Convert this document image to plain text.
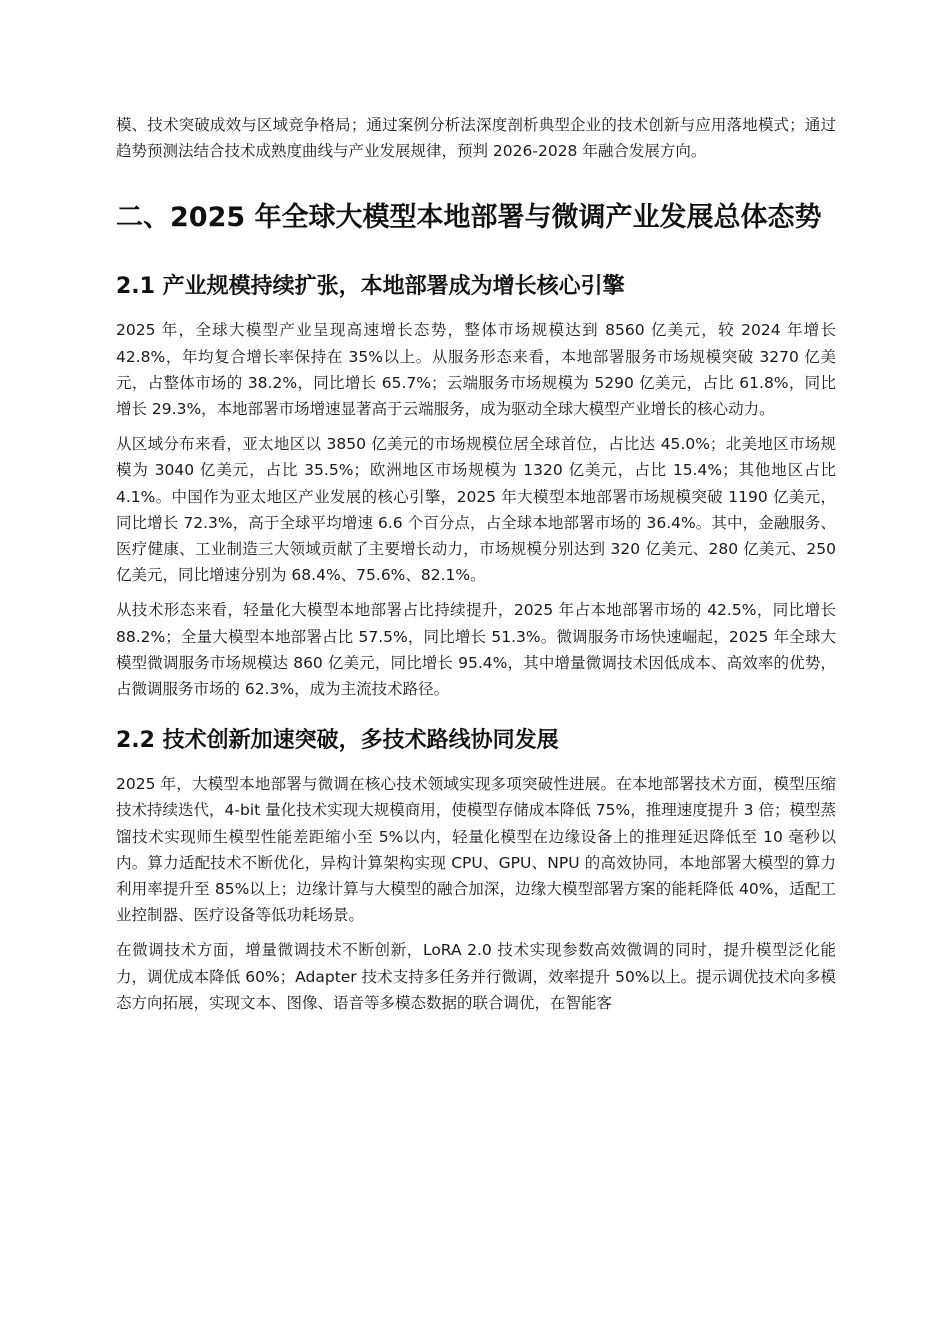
模、技术突破成效与区域竞争格局；通过案例分析法深度剖析典型企业的技术创新与应用落地模式；通过趋势预测法结合技术成熟度曲线与产业发展规律，预判 2026-2028 年融合发展方向。

二、2025 年全球大模型本地部署与微调产业发展总体态势
2.1 产业规模持续扩张，本地部署成为增长核心引擎

2025 年，全球大模型产业呈现高速增长态势，整体市场规模达到 8560 亿美元，较 2024 年增长 42.8%，年均复合增长率保持在 35%以上。从服务形态来看，本地部署服务市场规模突破 3270 亿美元，占整体市场的 38.2%，同比增长 65.7%；云端服务市场规模为 5290 亿美元，占比 61.8%，同比增长 29.3%，本地部署市场增速显著高于云端服务，成为驱动全球大模型产业增长的核心动力。

从区域分布来看，亚太地区以 3850 亿美元的市场规模位居全球首位，占比达 45.0%；北美地区市场规模为 3040 亿美元，占比 35.5%；欧洲地区市场规模为 1320 亿美元，占比 15.4%；其他地区占比 4.1%。中国作为亚太地区产业发展的核心引擎，2025 年大模型本地部署市场规模突破 1190 亿美元，同比增长 72.3%，高于全球平均增速 6.6 个百分点，占全球本地部署市场的 36.4%。其中，金融服务、医疗健康、工业制造三大领域贡献了主要增长动力，市场规模分别达到 320 亿美元、280 亿美元、250 亿美元，同比增速分别为 68.4%、75.6%、82.1%。

从技术形态来看，轻量化大模型本地部署占比持续提升，2025 年占本地部署市场的 42.5%，同比增长 88.2%；全量大模型本地部署占比 57.5%，同比增长 51.3%。微调服务市场快速崛起，2025 年全球大模型微调服务市场规模达 860 亿美元，同比增长 95.4%，其中增量微调技术因低成本、高效率的优势，占微调服务市场的 62.3%，成为主流技术路径。

2.2 技术创新加速突破，多技术路线协同发展

2025 年，大模型本地部署与微调在核心技术领域实现多项突破性进展。在本地部署技术方面，模型压缩技术持续迭代，4-bit 量化技术实现大规模商用，使模型存储成本降低 75%，推理速度提升 3 倍；模型蒸馏技术实现师生模型性能差距缩小至 5%以内，轻量化模型在边缘设备上的推理延迟降低至 10 毫秒以内。算力适配技术不断优化，异构计算架构实现 CPU、GPU、NPU 的高效协同，本地部署大模型的算力利用率提升至 85%以上；边缘计算与大模型的融合加深，边缘大模型部署方案的能耗降低 40%，适配工业控制器、医疗设备等低功耗场景。

在微调技术方面，增量微调技术不断创新，LoRA 2.0 技术实现参数高效微调的同时，提升模型泛化能力，调优成本降低 60%；Adapter 技术支持多任务并行微调，效率提升 50%以上。提示调优技术向多模态方向拓展，实现文本、图像、语音等多模态数据的联合调优，在智能客
